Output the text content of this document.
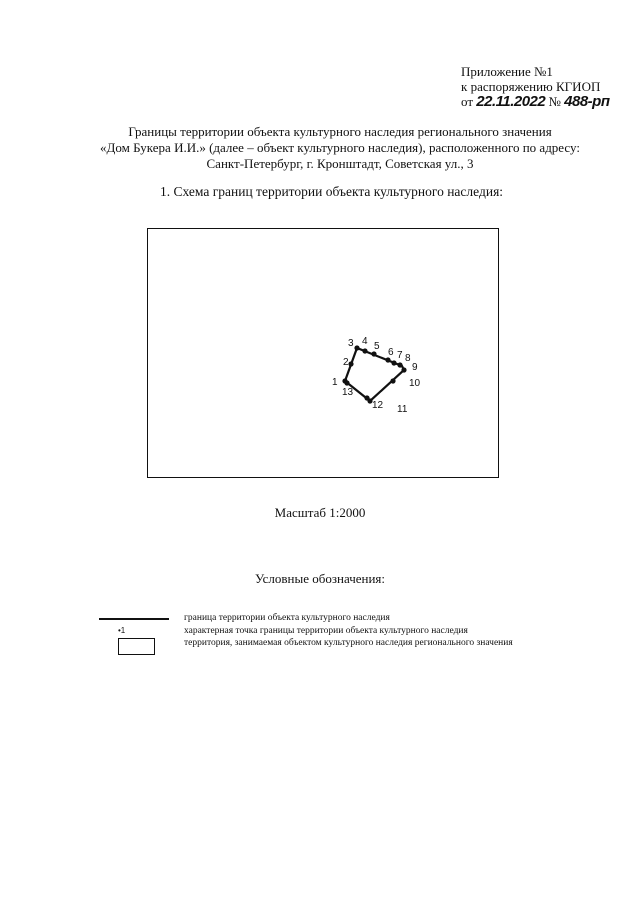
Приложение №1
к распоряжению КГИОП
от 22.11.2022 № 488-рп
Границы территории объекта культурного наследия регионального значения
«Дом Букера И.И.» (далее – объект культурного наследия), расположенного по адресу:
Санкт-Петербург, г. Кронштадт, Советская ул., 3
1. Схема границ территории объекта культурного наследия:
1
2
3 4 5
6 7 8
9
10
11
12
13
Масштаб 1:2000
Условные обозначения:
граница территории объекта культурного наследия
•1	характерная точка границы территории объекта культурного наследия
территория, занимаемая объектом культурного наследия регионального значения
